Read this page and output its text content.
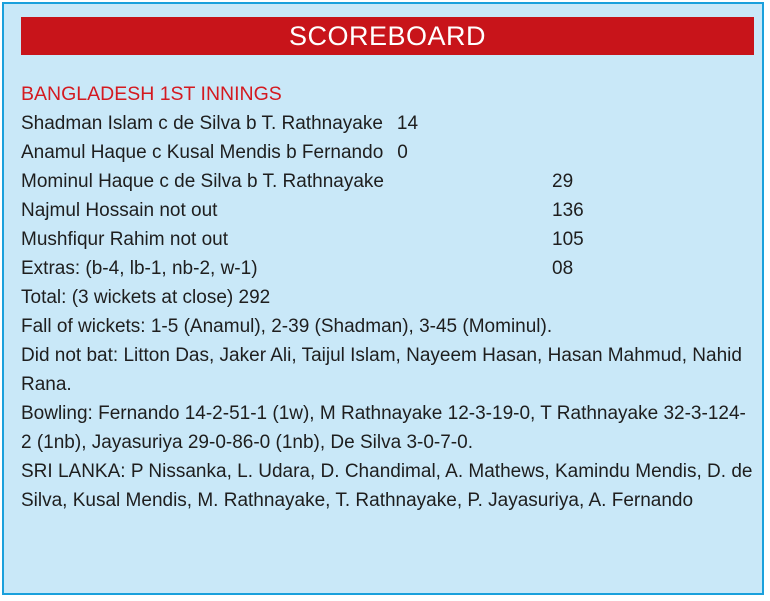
SCOREBOARD
BANGLADESH 1ST INNINGS
Shadman Islam c de Silva b T. Rathnayake 14
Anamul Haque c Kusal Mendis b Fernando 0
Mominul Haque c de Silva b T. Rathnayake	29
Najmul Hossain not out	136
Mushfiqur Rahim not out	105
Extras: (b-4, lb-1, nb-2, w-1)	08
Total: (3 wickets at close) 292
Fall of wickets: 1-5 (Anamul), 2-39 (Shadman), 3-45 (Mominul).

Did not bat: Litton Das, Jaker Ali, Taijul Islam, Nayeem Hasan, Hasan Mahmud, Nahid Rana.

Bowling: Fernando 14-2-51-1 (1w), M Rathnayake 12-3-19-0, T Rathnayake 32-3-124-2 (1nb), Jayasuriya 29-0-86-0 (1nb), De Silva 3-0-7-0.

SRI LANKA: P Nissanka, L. Udara, D. Chandimal, A. Mathews, Kamindu Mendis, D. de Silva, Kusal Mendis, M. Rathnayake, T. Rathnayake, P. Jayasuriya, A. Fernando
